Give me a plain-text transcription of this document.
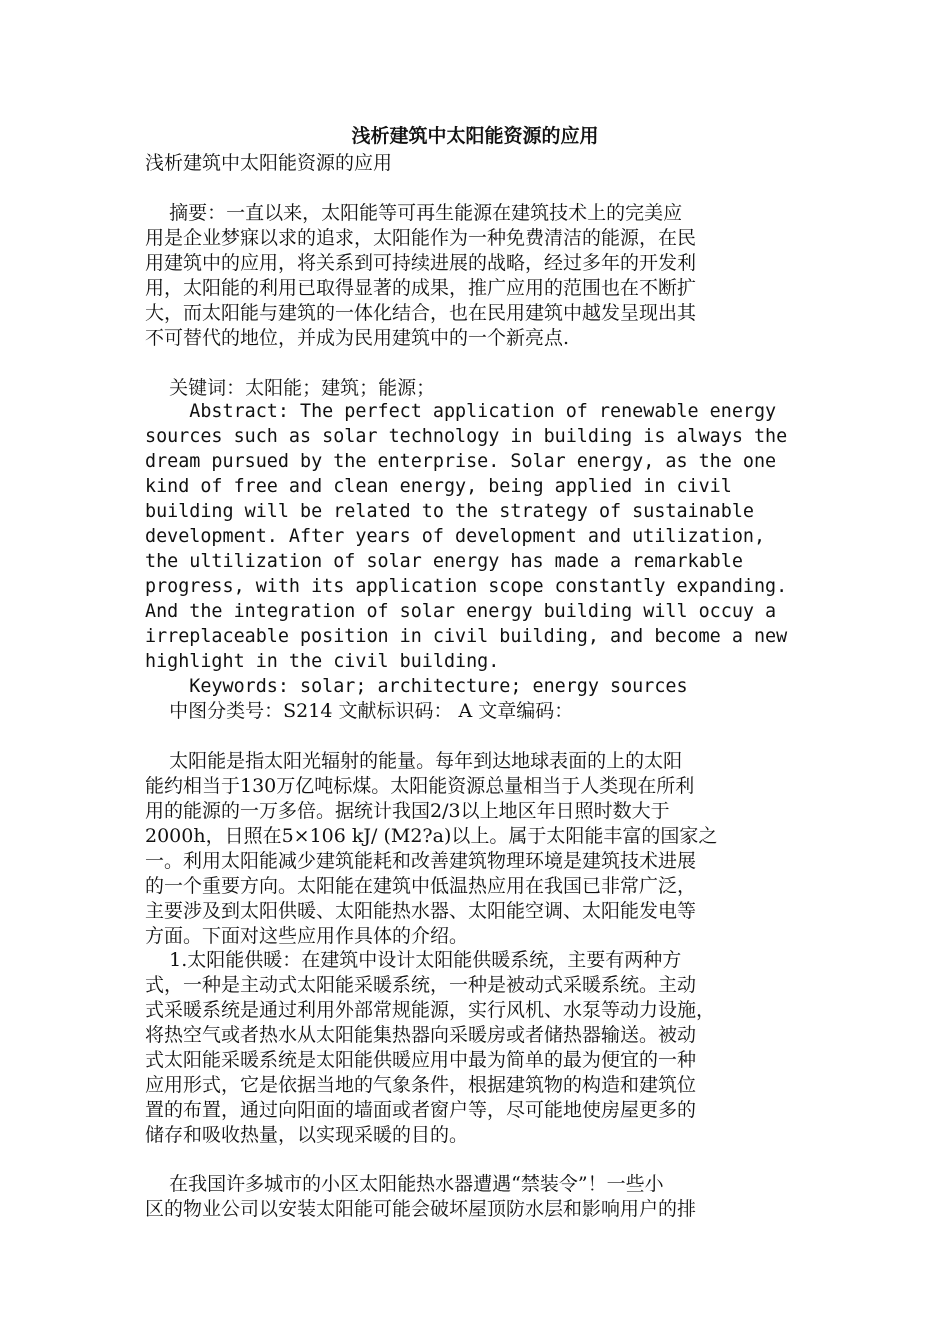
浅析建筑中太阳能资源的应用
浅析建筑中太阳能资源的应用
摘要：一直以来，太阳能等可再生能源在建筑技术上的完美应
用是企业梦寐以求的追求，太阳能作为一种免费清洁的能源，在民
用建筑中的应用，将关系到可持续进展的战略，经过多年的开发利
用，太阳能的利用已取得显著的成果，推广应用的范围也在不断扩
大，而太阳能与建筑的一体化结合，也在民用建筑中越发呈现出其
不可替代的地位，并成为民用建筑中的一个新亮点.
关键词：太阳能；建筑；能源；
Abstract: The perfect application of renewable energy
sources such as solar technology in building is always the
dream pursued by the enterprise. Solar energy, as the one
kind of free and clean energy, being applied in civil
building will be related to the strategy of sustainable
development. After years of development and utilization,
the ultilization of solar energy has made a remarkable
progress, with its application scope constantly expanding.
And the integration of solar energy building will occuy a
irreplaceable position in civil building, and become a new
highlight in the civil building.
Keywords: solar; architecture; energy sources
中图分类号：S214 文献标识码： A 文章编码：
太阳能是指太阳光辐射的能量。每年到达地球表面的上的太阳
能约相当于130万亿吨标煤。太阳能资源总量相当于人类现在所利
用的能源的一万多倍。据统计我国2/3以上地区年日照时数大于
2000h，日照在5×106 kJ/ (M2?a)以上。属于太阳能丰富的国家之
一。利用太阳能减少建筑能耗和改善建筑物理环境是建筑技术进展
的一个重要方向。太阳能在建筑中低温热应用在我国已非常广泛，
主要涉及到太阳供暖、太阳能热水器、太阳能空调、太阳能发电等
方面。下面对这些应用作具体的介绍。
1.太阳能供暖：在建筑中设计太阳能供暖系统，主要有两种方
式，一种是主动式太阳能采暖系统，一种是被动式采暖系统。主动
式采暖系统是通过利用外部常规能源，实行风机、水泵等动力设施，
将热空气或者热水从太阳能集热器向采暖房或者储热器输送。被动
式太阳能采暖系统是太阳能供暖应用中最为简单的最为便宜的一种
应用形式，它是依据当地的气象条件，根据建筑物的构造和建筑位
置的布置，通过向阳面的墙面或者窗户等，尽可能地使房屋更多的
储存和吸收热量，以实现采暖的目的。
在我国许多城市的小区太阳能热水器遭遇“禁装令”！一些小
区的物业公司以安装太阳能可能会破坏屋顶防水层和影响用户的排
